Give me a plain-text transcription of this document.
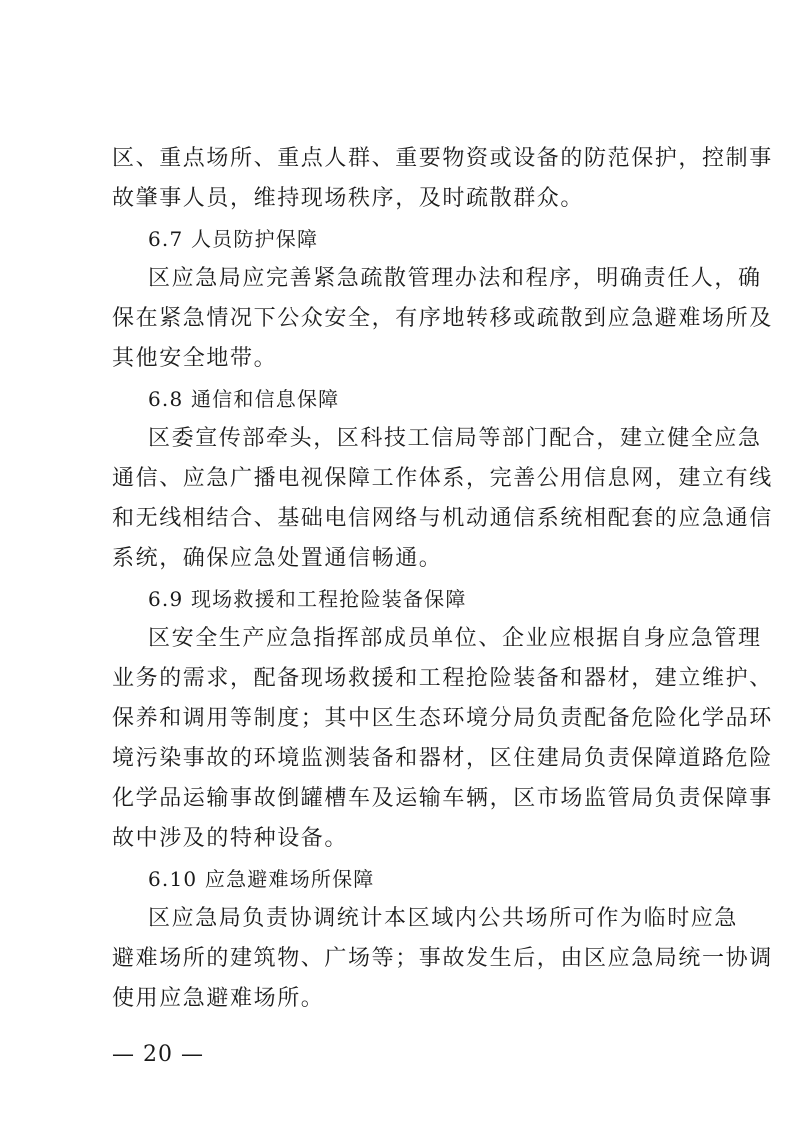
区、重点场所、重点人群、重要物资或设备的防范保护，控制事
故肇事人员，维持现场秩序，及时疏散群众。
6.7 人员防护保障
区应急局应完善紧急疏散管理办法和程序，明确责任人，确
保在紧急情况下公众安全，有序地转移或疏散到应急避难场所及
其他安全地带。
6.8 通信和信息保障
区委宣传部牵头，区科技工信局等部门配合，建立健全应急
通信、应急广播电视保障工作体系，完善公用信息网，建立有线
和无线相结合、基础电信网络与机动通信系统相配套的应急通信
系统，确保应急处置通信畅通。
6.9 现场救援和工程抢险装备保障
区安全生产应急指挥部成员单位、企业应根据自身应急管理
业务的需求，配备现场救援和工程抢险装备和器材，建立维护、
保养和调用等制度；其中区生态环境分局负责配备危险化学品环
境污染事故的环境监测装备和器材，区住建局负责保障道路危险
化学品运输事故倒罐槽车及运输车辆，区市场监管局负责保障事
故中涉及的特种设备。
6.10 应急避难场所保障
区应急局负责协调统计本区域内公共场所可作为临时应急
避难场所的建筑物、广场等；事故发生后，由区应急局统一协调
使用应急避难场所。
— 20 —
